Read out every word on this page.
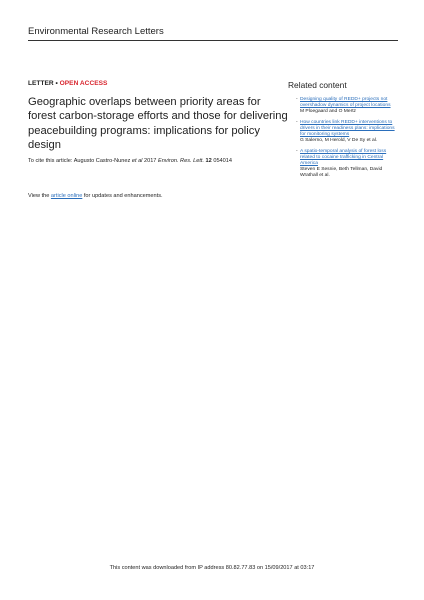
Environmental Research Letters
LETTER • OPEN ACCESS
Geographic overlaps between priority areas for forest carbon-storage efforts and those for delivering peacebuilding programs: implications for policy design
To cite this article: Augusto Castro-Nunez et al 2017 Environ. Res. Lett. 12 054014
View the article online for updates and enhancements.
Related content
- Designing quality of REDD+ projects not overshadow dynamics of project locations
M Ploegaard and O Mertz
- How countries link REDD+ interventions to drivers in their readiness plans: implications for monitoring systems
G Salerno, M Herold, V De Sy et al.
- A spatio-temporal analysis of forest loss related to cocaine trafficking in Central America
Steven E Sesnie, Beth Tellman, David Wrathall et al.
This content was downloaded from IP address 80.82.77.83 on 15/09/2017 at 03:17
